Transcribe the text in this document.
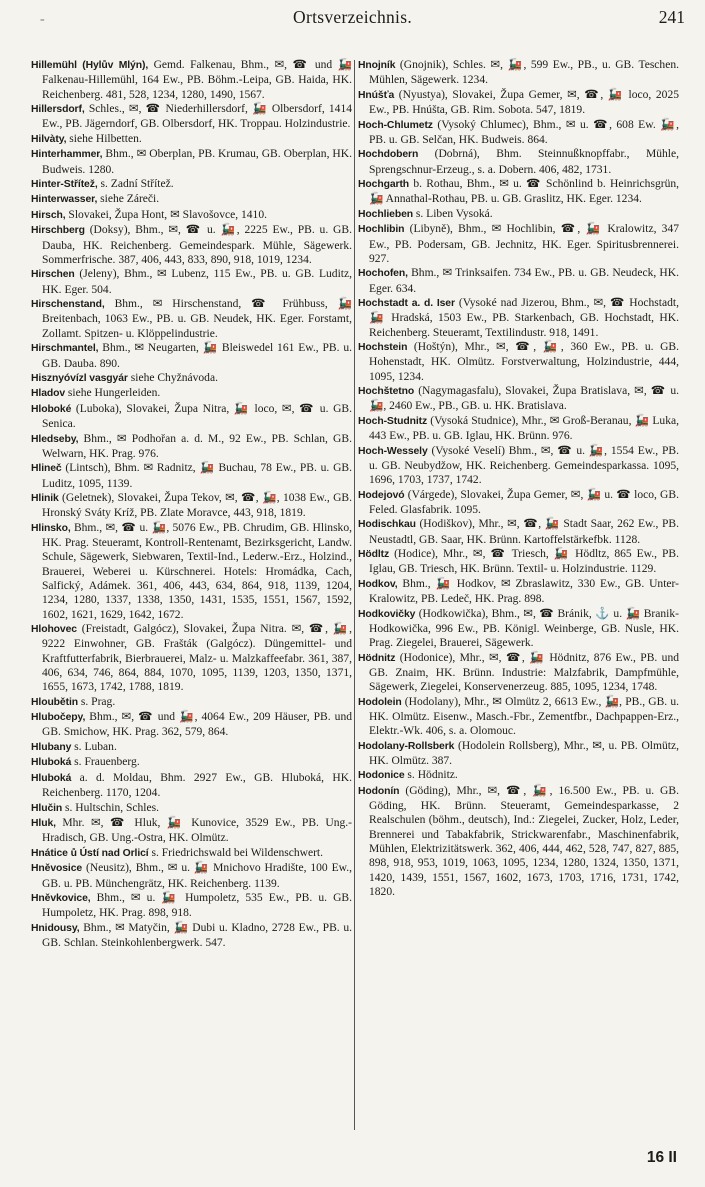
-	Ortsverzeichnis.	241

Hillemühl (Hylův Mlýn), Gemd. Falkenau, Bhm., ✉, ☎ und 🚂 Falkenau-Hillemühl, 164 Ew., PB. Böhm.-Leipa, GB. Haida, HK. Reichenberg. 481, 528, 1234, 1280, 1490, 1567.

Hillersdorf, Schles., ✉, ☎ Niederhillersdorf, 🚂 Olbersdorf, 1414 Ew., PB. Jägerndorf, GB. Olbersdorf, HK. Troppau. Holzindustrie.

Hilvàty, siehe Hilbetten.

Hinterhammer, Bhm., ✉ Oberplan, PB. Krumau, GB. Oberplan, HK. Budweis. 1280.

Hinter-Střítež, s. Zadní Střítež.

Hinterwasser, siehe Záreči.

Hirsch, Slovakei, Župa Hont, ✉ Slavošovce, 1410.

Hirschberg (Doksy), Bhm., ✉, ☎ u. 🚂, 2225 Ew., PB. u. GB. Dauba, HK. Reichenberg. Gemeindespark. Mühle, Sägewerk. Sommerfrische. 387, 406, 443, 833, 890, 918, 1019, 1234.

Hirschen (Jeleny), Bhm., ✉ Lubenz, 115 Ew., PB. u. GB. Luditz, HK. Eger. 504.

Hirschenstand, Bhm., ✉ Hirschenstand, ☎ Frühbuss, 🚂 Breitenbach, 1063 Ew., PB. u. GB. Neudek, HK. Eger. Forstamt, Zollamt. Spitzen- u. Klöppelindustrie.

Hirschmantel, Bhm., ✉ Neugarten, 🚂 Bleiswedel 161 Ew., PB. u. GB. Dauba. 890.

Hisznyóvízl vasgyár siehe Chyžnávoda.

Hladov siehe Hungerleiden.

Hloboké (Luboka), Slovakei, Župa Nitra, 🚂 loco, ✉, ☎ u. GB. Senica.

Hledseby, Bhm., ✉ Podhořan a. d. M., 92 Ew., PB. Schlan, GB. Welwarn, HK. Prag. 976.

Hlineč (Lintsch), Bhm. ✉ Radnitz, 🚂 Buchau, 78 Ew., PB. u. GB. Luditz, 1095, 1139.

Hlinik (Geletnek), Slovakei, Župa Tekov, ✉, ☎, 🚂, 1038 Ew., GB. Hronský Sváty Kríž, PB. Zlate Moravce, 443, 918, 1819.

Hlinsko, Bhm., ✉, ☎ u. 🚂, 5076 Ew., PB. Chrudim, GB. Hlinsko, HK. Prag. Steueramt, Kontroll-Rentenamt, Bezirksgericht, Landw. Schule, Sägewerk, Siebwaren, Textil-Ind., Lederw.-Erz., Holzind., Brauerei, Weberei u. Kürschnerei. Hotels: Hromádka, Cach, Salfický, Adámek. 361, 406, 443, 634, 864, 918, 1139, 1204, 1234, 1280, 1337, 1338, 1350, 1431, 1535, 1551, 1567, 1592, 1602, 1621, 1629, 1642, 1672.

Hlohovec (Freistadt, Galgócz), Slovakei, Župa Nitra. ✉, ☎, 🚂, 9222 Einwohner, GB. Frašták (Galgócz). Düngemittel- und Kraftfutterfabrik, Bierbrauerei, Malz- u. Malzkaffeefabr. 361, 387, 406, 634, 746, 864, 884, 1070, 1095, 1139, 1203, 1350, 1371, 1655, 1673, 1742, 1788, 1819.

Hloubětin s. Prag.

Hlubočepy, Bhm., ✉, ☎ und 🚂, 4064 Ew., 209 Häuser, PB. und GB. Smichow, HK. Prag. 362, 579, 864.

Hlubany s. Luban.

Hluboká s. Frauenberg.

Hluboká a. d. Moldau, Bhm. 2927 Ew., GB. Hluboká, HK. Reichenberg. 1170, 1204.

Hlučin s. Hultschin, Schles.

Hluk, Mhr. ✉, ☎ Hluk, 🚂 Kunovice, 3529 Ew., PB. Ung.-Hradisch, GB. Ung.-Ostra, HK. Olmütz.

Hnátice ů Ústí nad Orlicí s. Friedrichswald bei Wildenschwert.

Hněvosice (Neusitz), Bhm., ✉ u. 🚂 Mnichovo Hradište, 100 Ew., GB. u. PB. Münchengrätz, HK. Reichenberg. 1139.

Hněvkovice, Bhm., ✉ u. 🚂 Humpoletz, 535 Ew., PB. u. GB. Humpoletz, HK. Prag. 898, 918.

Hnidousy, Bhm., ✉ Matyčin, 🚂 Dubi u. Kladno, 2728 Ew., PB. u. GB. Schlan. Steinkohlenbergwerk. 547.

Hnojník (Gnojnik), Schles. ✉, 🚂, 599 Ew., PB., u. GB. Teschen. Mühlen, Sägewerk. 1234.

Hnúšťa (Nyustya), Slovakei, Župa Gemer, ✉, ☎, 🚂 loco, 2025 Ew., PB. Hnúšta, GB. Rim. Sobota. 547, 1819.

Hoch-Chlumetz (Vysoký Chlumec), Bhm., ✉ u. ☎, 608 Ew. 🚂, PB. u. GB. Selčan, HK. Budweis. 864.

Hochdobern (Dobrná), Bhm. Steinnußknopffabr., Mühle, Sprengschnur-Erzeug., s. a. Dobern. 406, 482, 1731.

Hochgarth b. Rothau, Bhm., ✉ u. ☎ Schönlind b. Heinrichsgrün, 🚂 Annathal-Rothau, PB. u. GB. Graslitz, HK. Eger. 1234.

Hochlieben s. Liben Vysoká.

Hochlibin (Libyně), Bhm., ✉ Hochlibin, ☎, 🚂 Kralowitz, 347 Ew., PB. Podersam, GB. Jechnitz, HK. Eger. Spiritusbrennerei. 927.

Hochofen, Bhm., ✉ Trinksaifen. 734 Ew., PB. u. GB. Neudeck, HK. Eger. 634.

Hochstadt a. d. Iser (Vysoké nad Jizerou, Bhm., ✉, ☎ Hochstadt, 🚂 Hradská, 1503 Ew., PB. Starkenbach, GB. Hochstadt, HK. Reichenberg. Steueramt, Textilindustr. 918, 1491.

Hochstein (Hoštýn), Mhr., ✉, ☎, 🚂, 360 Ew., PB. u. GB. Hohenstadt, HK. Olmütz. Forstverwaltung, Holzindustrie, 444, 1095, 1234.

Hochštetno (Nagymagasfalu), Slovakei, Župa Bratislava, ✉, ☎ u. 🚂, 2460 Ew., PB., GB. u. HK. Bratislava.

Hoch-Studnitz (Vysoká Studnice), Mhr., ✉ Groß-Beranau, 🚂 Luka, 443 Ew., PB. u. GB. Iglau, HK. Brünn. 976.

Hoch-Wessely (Vysoké Veselí) Bhm., ✉, ☎ u. 🚂, 1554 Ew., PB. u. GB. Neubydžow, HK. Reichenberg. Gemeindesparkassa. 1095, 1696, 1703, 1737, 1742.

Hodejovó (Várgede), Slovakei, Župa Gemer, ✉, 🚂 u. ☎ loco, GB. Feled. Glasfabrik. 1095.

Hodischkau (Hodiškov), Mhr., ✉, ☎, 🚂 Stadt Saar, 262 Ew., PB. Neustadtl, GB. Saar, HK. Brünn. Kartoffelstärkefbk. 1128.

Hödltz (Hodice), Mhr., ✉, ☎ Triesch, 🚂 Hödltz, 865 Ew., PB. Iglau, GB. Triesch, HK. Brünn. Textil- u. Holzindustrie. 1129.

Hodkov, Bhm., 🚂 Hodkov, ✉ Zbraslawitz, 330 Ew., GB. Unter-Kralowitz, PB. Ledeč, HK. Prag. 898.

Hodkovičky (Hodkowička), Bhm., ✉, ☎ Bránik, ⚓ u. 🚂 Branik-Hodkowička, 996 Ew., PB. Königl. Weinberge, GB. Nusle, HK. Prag. Ziegelei, Brauerei, Sägewerk.

Hödnitz (Hodonice), Mhr., ✉, ☎, 🚂 Hödnitz, 876 Ew., PB. und GB. Znaim, HK. Brünn. Industrie: Malzfabrik, Dampfmühle, Sägewerk, Ziegelei, Konservenerzeug. 885, 1095, 1234, 1748.

Hodolein (Hodolany), Mhr., ✉ Olmütz 2, 6613 Ew., 🚂, PB., GB. u. HK. Olmütz. Eisenw., Masch.-Fbr., Zementfbr., Dachpappen-Erz., Elektr.-Wk. 406, s. a. Olomouc.

Hodolany-Rollsberk (Hodolein Rollsberg), Mhr., ✉, u. PB. Olmütz, HK. Olmütz. 387.

Hodonice s. Hödnitz.

Hodonín (Göding), Mhr., ✉, ☎, 🚂, 16.500 Ew., PB. u. GB. Göding, HK. Brünn. Steueramt, Gemeindesparkasse, 2 Realschulen (böhm., deutsch), Ind.: Ziegelei, Zucker, Holz, Leder, Brennerei und Tabakfabrik, Strickwarenfabr., Maschinenfabrik, Mühlen, Elektrizitätswerk. 362, 406, 444, 462, 528, 747, 827, 885, 898, 918, 953, 1019, 1063, 1095, 1234, 1280, 1324, 1350, 1371, 1420, 1439, 1551, 1567, 1602, 1673, 1703, 1716, 1731, 1742, 1820.

16 II
